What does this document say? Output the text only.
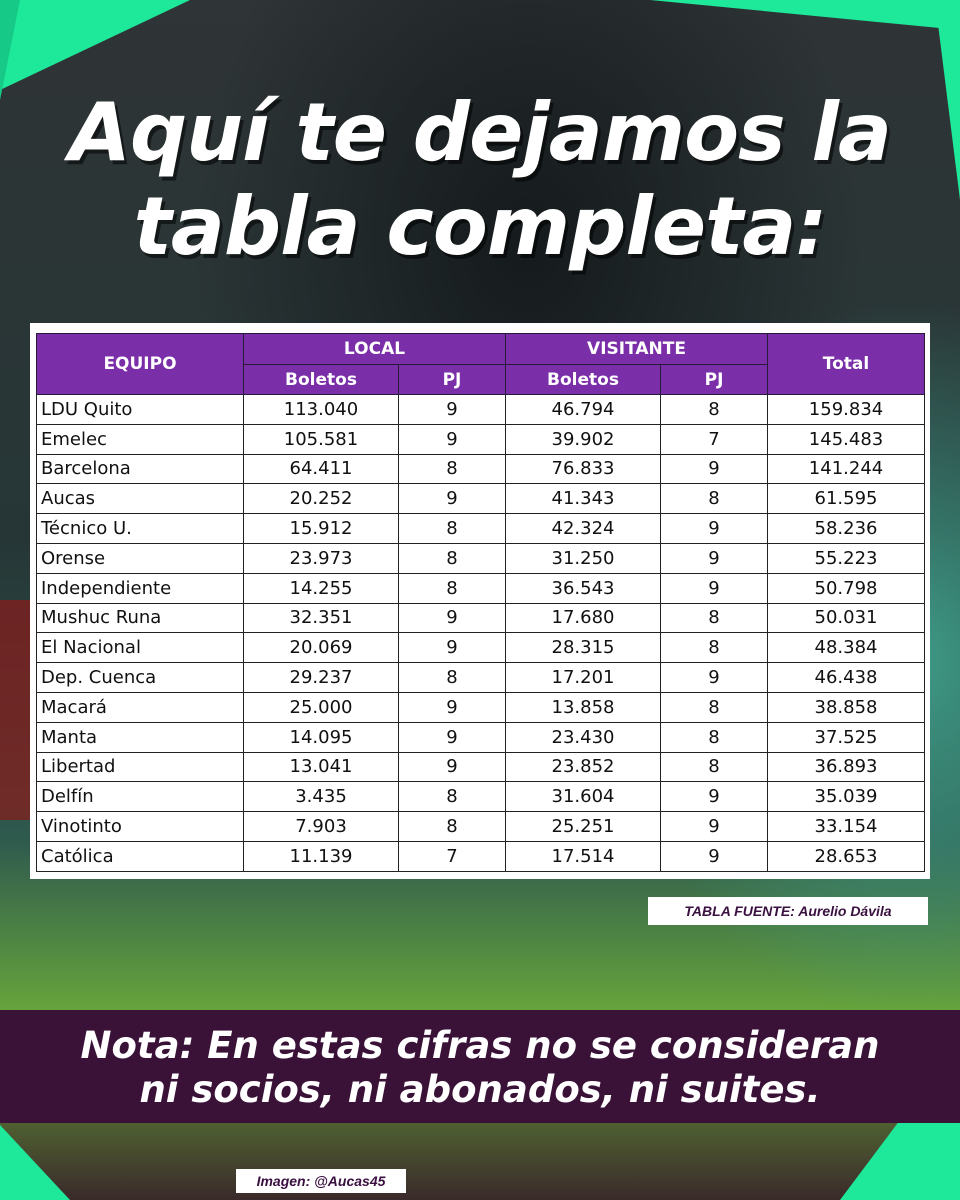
Aquí te dejamos la
tabla completa:
EQUIPO	LOCAL		VISITANTE		Total
	Boletos	PJ	Boletos	PJ	
LDU Quito	113.040	9	46.794	8	159.834
Emelec	105.581	9	39.902	7	145.483
Barcelona	64.411	8	76.833	9	141.244
Aucas	20.252	9	41.343	8	61.595
Técnico U.	15.912	8	42.324	9	58.236
Orense	23.973	8	31.250	9	55.223
Independiente	14.255	8	36.543	9	50.798
Mushuc Runa	32.351	9	17.680	8	50.031
El Nacional	20.069	9	28.315	8	48.384
Dep. Cuenca	29.237	8	17.201	9	46.438
Macará	25.000	9	13.858	8	38.858
Manta	14.095	9	23.430	8	37.525
Libertad	13.041	9	23.852	8	36.893
Delfín	3.435	8	31.604	9	35.039
Vinotinto	7.903	8	25.251	9	33.154
Católica	11.139	7	17.514	9	28.653
TABLA FUENTE: Aurelio Dávila
Nota: En estas cifras no se consideran
ni socios, ni abonados, ni suites.
Imagen: @Aucas45
